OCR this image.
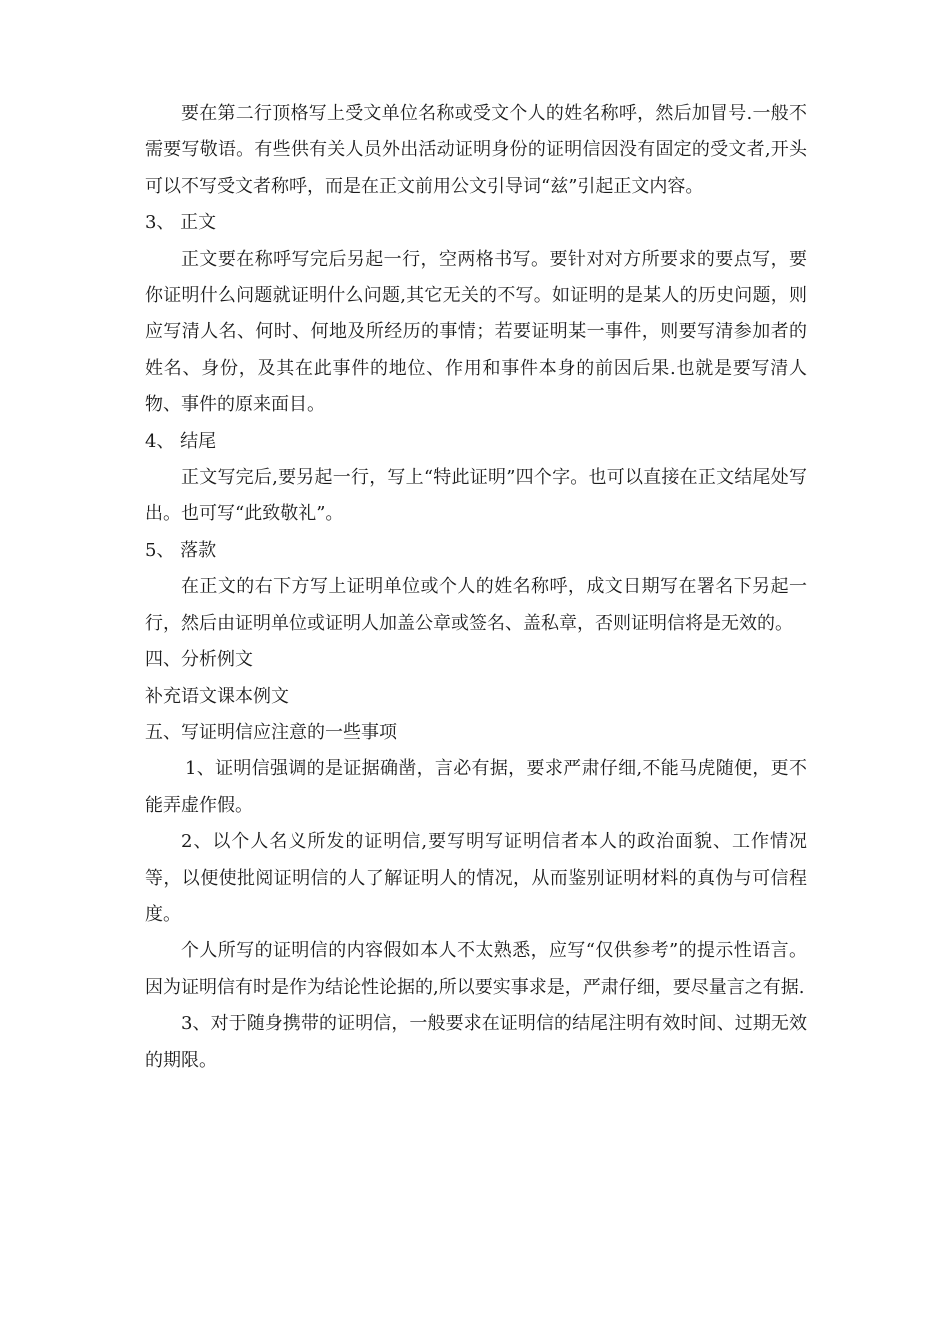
要在第二行顶格写上受文单位名称或受文个人的姓名称呼，然后加冒号.一般不需要写敬语。有些供有关人员外出活动证明身份的证明信因没有固定的受文者,开头可以不写受文者称呼，而是在正文前用公文引导词“兹”引起正文内容。

3、 正文

正文要在称呼写完后另起一行，空两格书写。要针对对方所要求的要点写，要你证明什么问题就证明什么问题,其它无关的不写。如证明的是某人的历史问题，则应写清人名、何时、何地及所经历的事情；若要证明某一事件，则要写清参加者的姓名、身份，及其在此事件的地位、作用和事件本身的前因后果.也就是要写清人物、事件的原来面目。

4、 结尾

正文写完后,要另起一行，写上“特此证明”四个字。也可以直接在正文结尾处写出。也可写“此致敬礼”。

5、 落款

在正文的右下方写上证明单位或个人的姓名称呼，成文日期写在署名下另起一行，然后由证明单位或证明人加盖公章或签名、盖私章，否则证明信将是无效的。

四、分析例文

补充语文课本例文

五、写证明信应注意的一些事项

1、证明信强调的是证据确凿，言必有据，要求严肃仔细,不能马虎随便，更不能弄虚作假。

2、以个人名义所发的证明信,要写明写证明信者本人的政治面貌、工作情况等，以便使批阅证明信的人了解证明人的情况，从而鉴别证明材料的真伪与可信程度。

个人所写的证明信的内容假如本人不太熟悉，应写“仅供参考”的提示性语言。因为证明信有时是作为结论性论据的,所以要实事求是，严肃仔细，要尽量言之有据.

3、对于随身携带的证明信，一般要求在证明信的结尾注明有效时间、过期无效的期限。
